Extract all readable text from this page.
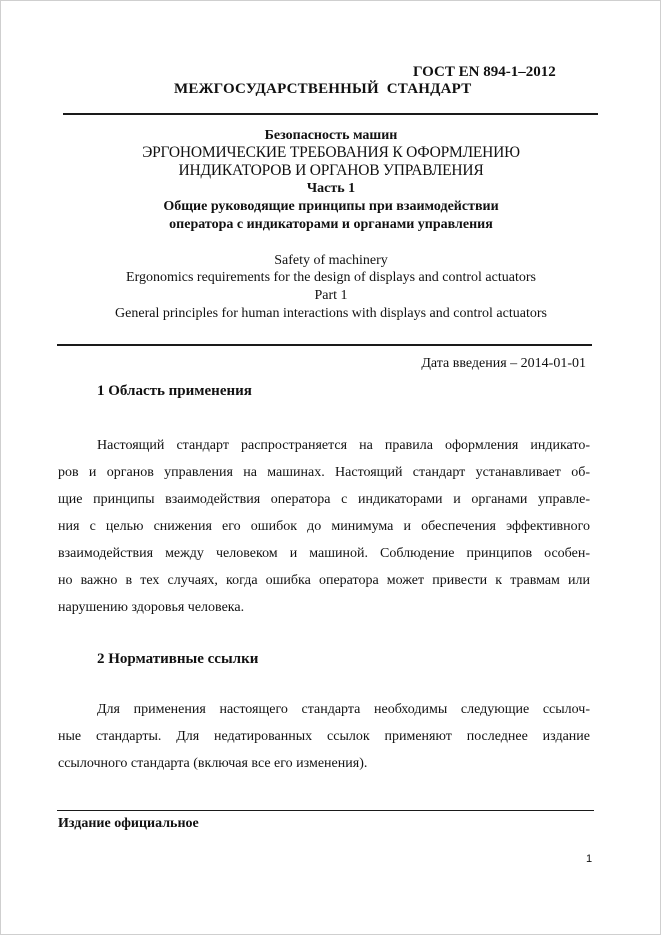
ГОСТ EN 894-1–2012
МЕЖГОСУДАРСТВЕННЫЙ  СТАНДАРТ
Безопасность машин
ЭРГОНОМИЧЕСКИЕ ТРЕБОВАНИЯ К ОФОРМЛЕНИЮ
ИНДИКАТОРОВ И ОРГАНОВ УПРАВЛЕНИЯ
Часть 1
Общие руководящие принципы при взаимодействии
оператора с индикаторами и органами управления
Safety of machinery
Ergonomics requirements for the design of displays and control actuators
Part 1
General principles for human interactions with displays and control actuators
Дата введения – 2014-01-01
1 Область применения
Настоящий стандарт распространяется на правила оформления индикато-
ров и органов управления на машинах. Настоящий стандарт устанавливает об-
щие принципы взаимодействия оператора с индикаторами и органами управле-
ния с целью снижения его ошибок до минимума и обеспечения эффективного
взаимодействия между человеком и машиной. Соблюдение принципов особен-
но важно в тех случаях, когда ошибка оператора может привести к травмам или
нарушению здоровья человека.
2 Нормативные ссылки
Для применения настоящего стандарта необходимы следующие ссылоч-
ные стандарты. Для недатированных ссылок применяют последнее издание
ссылочного стандарта (включая все его изменения).
Издание официальное
1
